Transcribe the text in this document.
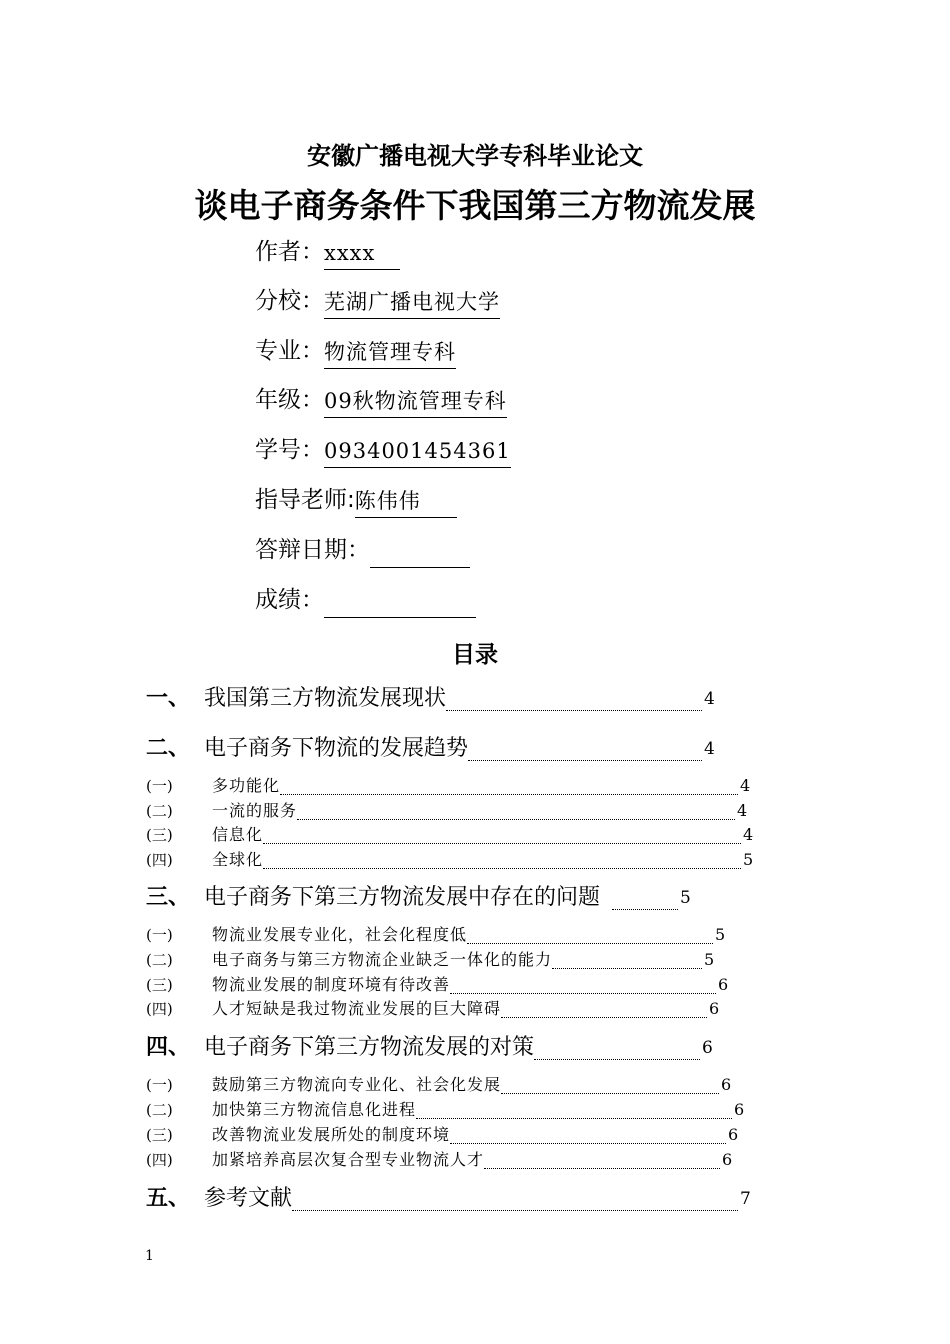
安徽广播电视大学专科毕业论文
谈电子商务条件下我国第三方物流发展
作者： xxxx
分校： 芜湖广播电视大学
专业： 物流管理专科
年级： 09秋物流管理专科
学号： 0934001454361
指导老师: 陈伟伟
答辩日期：
成绩：
目录
一、 我国第三方物流发展现状	4
二、 电子商务下物流的发展趋势	4
(一)	多功能化	4
(二)	一流的服务	4
(三)	信息化	4
(四)	全球化	5
三、 电子商务下第三方物流发展中存在的问题	5
(一)	物流业发展专业化，社会化程度低	5
(二)	电子商务与第三方物流企业缺乏一体化的能力	5
(三)	物流业发展的制度环境有待改善	6
(四)	人才短缺是我过物流业发展的巨大障碍	6
四、 电子商务下第三方物流发展的对策	6
(一)	鼓励第三方物流向专业化、社会化发展	6
(二)	加快第三方物流信息化进程	6
(三)	改善物流业发展所处的制度环境	6
(四)	加紧培养高层次复合型专业物流人才	6
五、 参考文献	7
1
